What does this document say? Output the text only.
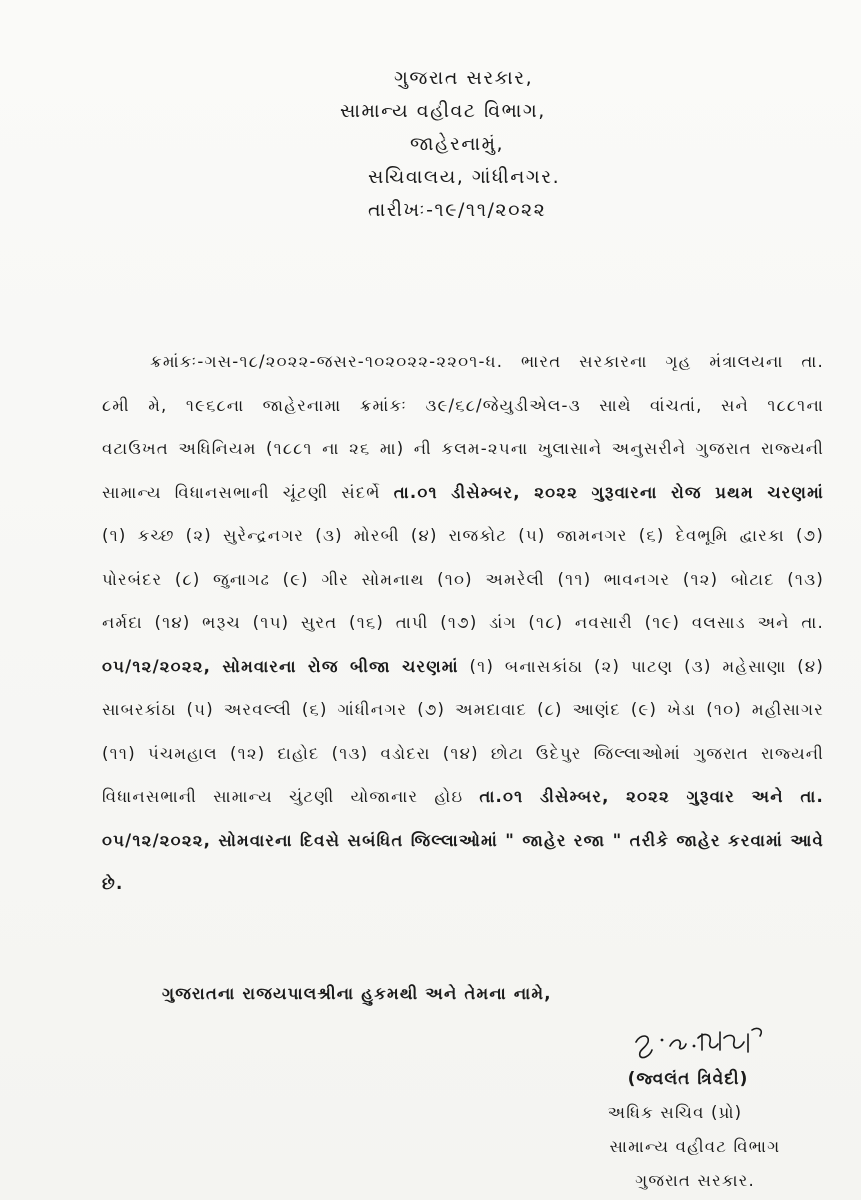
ગુજરાત સરકાર,
સામાન્ય વહીવટ વિભાગ,
જાહેરનામું,
સચિવાલય, ગાંધીનગર.
તારીખઃ-૧૯/૧૧/૨૦૨૨
ક્રમાંકઃ-ગસ-૧૮/૨૦૨૨-જસર-૧૦૨૦૨૨-૨૨૦૧-ધ. ભારત સરકારના ગૃહ મંત્રાલયના તા.
૮મી મે, ૧૯૬૮ના જાહેરનામા ક્રમાંકઃ ૩૯/૬૮/જેયુડીએલ-૩ સાથે વાંચતાં, સને ૧૮૮૧ના
વટાઉખત અધિનિયમ (૧૮૮૧ ના ૨૬ મા) ની કલમ-૨૫ના ખુલાસાને અનુસરીને ગુજરાત રાજ્યની
સામાન્ય વિધાનસભાની ચૂંટણી સંદર્ભે તા.૦૧ ડીસેમ્બર, ૨૦૨૨ ગુરૂવારના રોજ પ્રથમ ચરણમાં
(૧) કચ્છ (૨) સુરેન્દ્રનગર (૩) મોરબી (૪) રાજકોટ (૫) જામનગર (૬) દેવભૂમિ દ્વારકા (૭)
પોરબંદર (૮) જુનાગઢ (૯) ગીર સોમનાથ (૧૦) અમરેલી (૧૧) ભાવનગર (૧૨) બોટાદ (૧૩)
નર્મદા (૧૪) ભરૂચ (૧૫) સુરત (૧૬) તાપી (૧૭) ડાંગ (૧૮) નવસારી (૧૯) વલસાડ અને તા.
૦૫/૧૨/૨૦૨૨, સોમવારના રોજ બીજા ચરણમાં (૧) બનાસકાંઠા (૨) પાટણ (૩) મહેસાણા (૪)
સાબરકાંઠા (૫) અરવલ્લી (૬) ગાંધીનગર (૭) અમદાવાદ (૮) આણંદ (૯) ખેડા (૧૦) મહીસાગર
(૧૧) પંચમહાલ (૧૨) દાહોદ (૧૩) વડોદરા (૧૪) છોટા ઉદેપુર જિલ્લાઓમાં ગુજરાત રાજ્યની
વિધાનસભાની સામાન્ય ચુંટણી યોજાનાર હોઇ તા.૦૧ ડીસેમ્બર, ૨૦૨૨ ગુરૂવાર અને તા.
૦૫/૧૨/૨૦૨૨, સોમવારના દિવસે સબંધિત જિલ્લાઓમાં " જાહેર રજા " તરીકે જાહેર કરવામાં આવે
છે.
ગુજરાતના રાજયપાલશ્રીના હુકમથી અને તેમના નામે,
(જ્વલંત ત્રિવેદી)
અધિક સચિવ (પ્રો)
સામાન્ય વહીવટ વિભાગ
ગુજરાત સરકાર.
